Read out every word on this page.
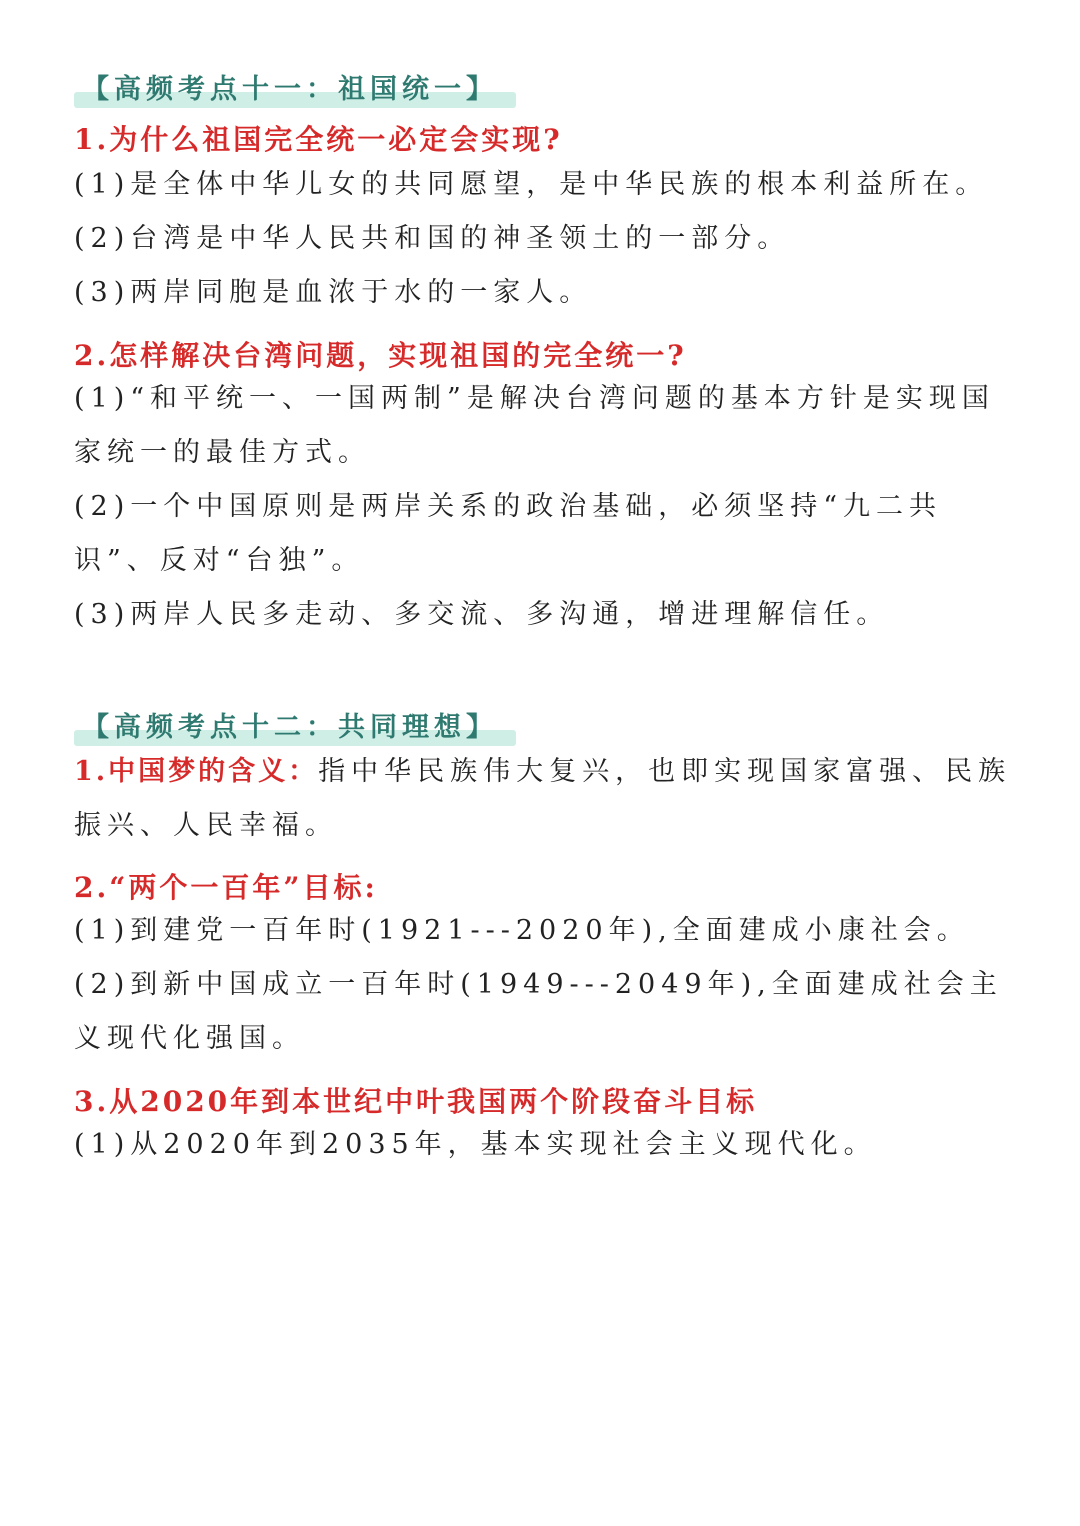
【高频考点十一：祖国统一】
1.为什么祖国完全统一必定会实现?
(1)是全体中华儿女的共同愿望，是中华民族的根本利益所在。
(2)台湾是中华人民共和国的神圣领土的一部分。
(3)两岸同胞是血浓于水的一家人。
2.怎样解决台湾问题，实现祖国的完全统一?
(1)“和平统一、一国两制”是解决台湾问题的基本方针是实现国家统一的最佳方式。
(2)一个中国原则是两岸关系的政治基础，必须坚持“九二共识”、反对“台独”。
(3)两岸人民多走动、多交流、多沟通，增进理解信任。
【高频考点十二：共同理想】
1.中国梦的含义：指中华民族伟大复兴，也即实现国家富强、民族振兴、人民幸福。
2.“两个一百年”目标:
(1)到建党一百年时(1921---2020年),全面建成小康社会。
(2)到新中国成立一百年时(1949---2049年),全面建成社会主义现代化强国。
3.从2020年到本世纪中叶我国两个阶段奋斗目标
(1)从2020年到2035年，基本实现社会主义现代化。
